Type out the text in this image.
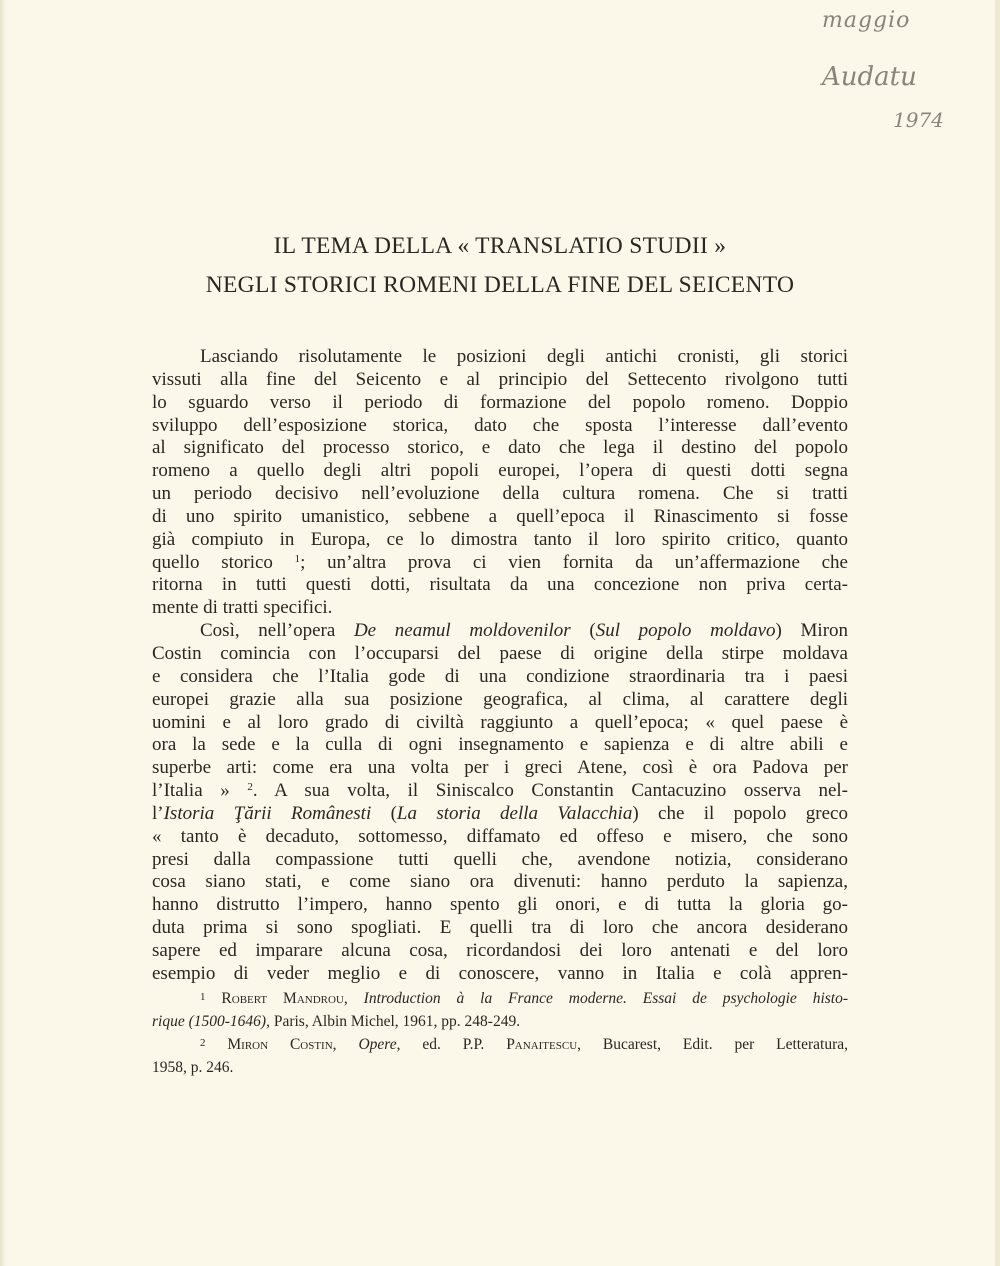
maggio
Audatu
1974
IL TEMA DELLA « TRANSLATIO STUDII »
NEGLI STORICI ROMENI DELLA FINE DEL SEICENTO
Lasciando risolutamente le posizioni degli antichi cronisti, gli storici
vissuti alla fine del Seicento e al principio del Settecento rivolgono tutti
lo sguardo verso il periodo di formazione del popolo romeno. Doppio
sviluppo dell’esposizione storica, dato che sposta l’interesse dall’evento
al significato del processo storico, e dato che lega il destino del popolo
romeno a quello degli altri popoli europei, l’opera di questi dotti segna
un periodo decisivo nell’evoluzione della cultura romena. Che si tratti
di uno spirito umanistico, sebbene a quell’epoca il Rinascimento si fosse
già compiuto in Europa, ce lo dimostra tanto il loro spirito critico, quanto
quello storico $^1$; un’altra prova ci vien fornita da un’affermazione che
ritorna in tutti questi dotti, risultata da una concezione non priva certa-
mente di tratti specifici.
Così, nell’opera De neamul moldovenilor (Sul popolo moldavo) Miron
Costin comincia con l’occuparsi del paese di origine della stirpe moldava
e considera che l’Italia gode di una condizione straordinaria tra i paesi
europei grazie alla sua posizione geografica, al clima, al carattere degli
uomini e al loro grado di civiltà raggiunto a quell’epoca; « quel paese è
ora la sede e la culla di ogni insegnamento e sapienza e di altre abili e
superbe arti: come era una volta per i greci Atene, così è ora Padova per
l’Italia » $^2$. A sua volta, il Siniscalco Constantin Cantacuzino osserva nel-
l’Istoria Ţării Românesti (La storia della Valacchia) che il popolo greco
« tanto è decaduto, sottomesso, diffamato ed offeso e misero, che sono
presi dalla compassione tutti quelli che, avendone notizia, considerano
cosa siano stati, e come siano ora divenuti: hanno perduto la sapienza,
hanno distrutto l’impero, hanno spento gli onori, e di tutta la gloria go-
duta prima si sono spogliati. E quelli tra di loro che ancora desiderano
sapere ed imparare alcuna cosa, ricordandosi dei loro antenati e del loro
esempio di veder meglio e di conoscere, vanno in Italia e colà appren-
$^1$ Robert Mandrou, Introduction à la France moderne. Essai de psychologie histo-
rique (1500-1646), Paris, Albin Michel, 1961, pp. 248-249.
$^2$ Miron Costin, Opere, ed. P.P. Panaitescu, Bucarest, Edit. per Letteratura,
1958, p. 246.
